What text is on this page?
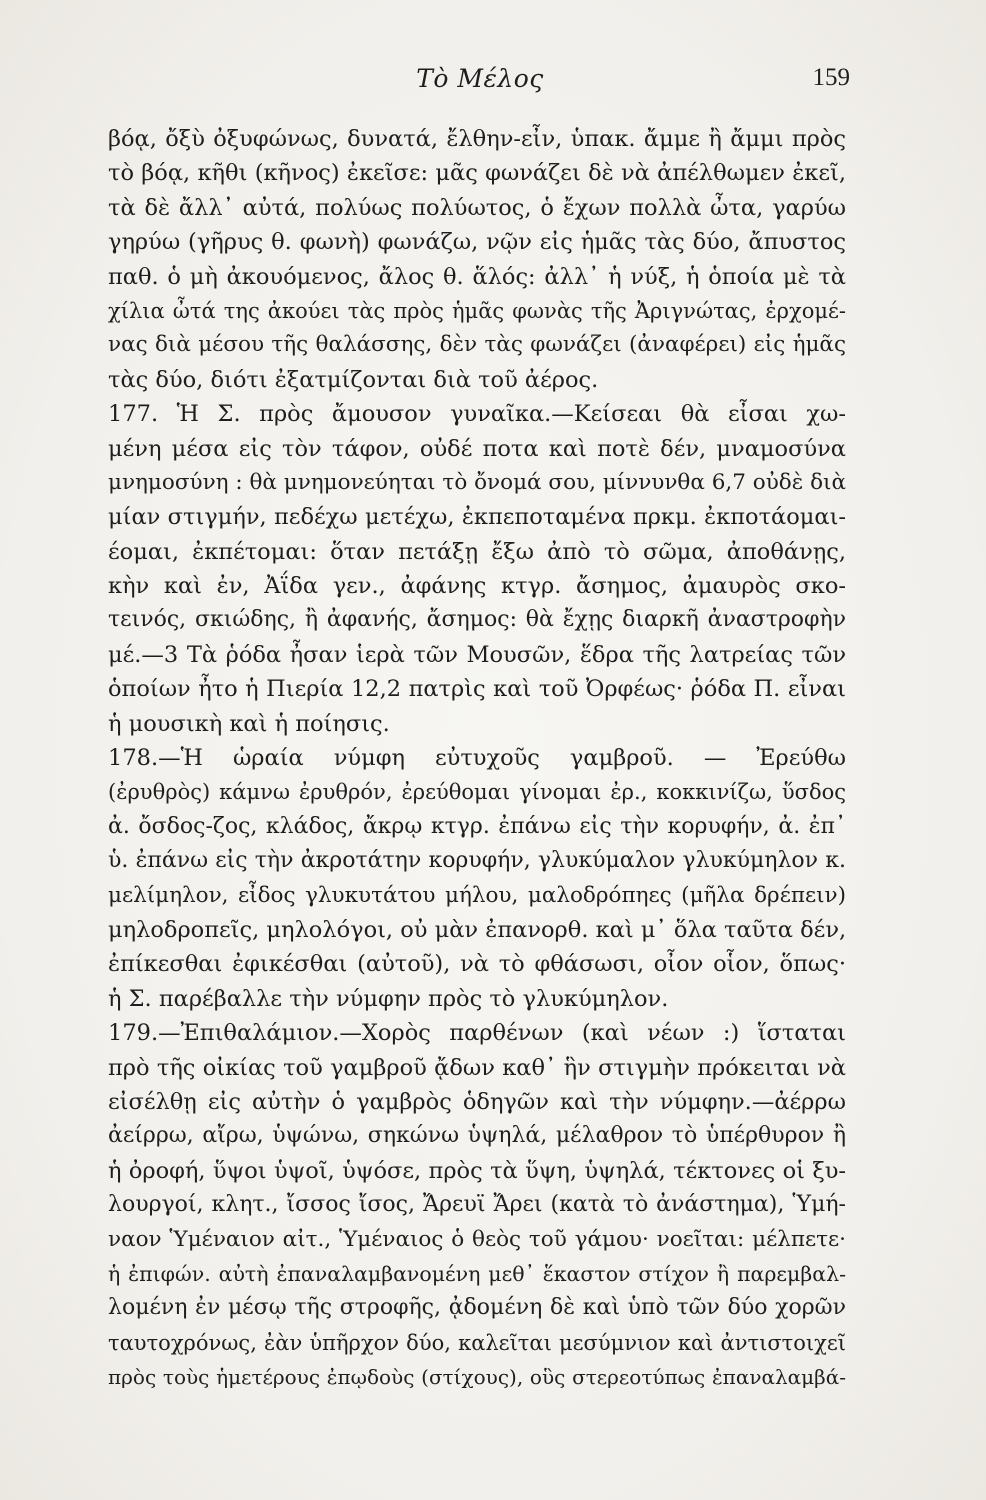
Τὸ Μέλος	159
βόᾳ, ὄξὺ ὀξυφώνως, δυνατά, ἔλθην-εἶν, ὑπακ. ἄμμε ἢ ἄμμι πρὸς
τὸ βόᾳ, κῆθι (κῆνος) ἐκεῖσε: μᾶς φωνάζει δὲ νὰ ἀπέλθωμεν ἐκεῖ,
τὰ δὲ ἄλλ᾽ αὐτά, πολύως πολύωτος, ὁ ἔχων πολλὰ ὦτα, γαρύω
γηρύω (γῆρυς θ. φωνὴ) φωνάζω, νῷν εἰς ἡμᾶς τὰς δύο, ἄπυστος
παθ. ὁ μὴ ἀκουόμενος, ἄλος θ. ἅλός: ἀλλ᾽ ἡ νύξ, ἡ ὁποία μὲ τὰ
χίλια ὦτά της ἀκούει τὰς πρὸς ἡμᾶς φωνὰς τῆς Ἀριγνώτας, ἐρχομέ-
νας διὰ μέσου τῆς θαλάσσης, δὲν τὰς φωνάζει (ἀναφέρει) εἰς ἡμᾶς
τὰς δύο, διότι ἐξατμίζονται διὰ τοῦ ἀέρος.
177. Ἡ Σ. πρὸς ἄμουσον γυναῖκα.—Κείσεαι θὰ εἶσαι χω-
μένη μέσα εἰς τὸν τάφον, οὐδέ ποτα καὶ ποτὲ δέν, μναμοσύνα
μνημοσύνη : θὰ μνημονεύηται τὸ ὄνομά σου, μίννυνθα 6,7 οὐδὲ διὰ
μίαν στιγμήν, πεδέχω μετέχω, ἐκπεποταμένα πρκμ. ἐκποτάομαι-
έομαι, ἐκπέτομαι: ὅταν πετάξῃ ἔξω ἀπὸ τὸ σῶμα, ἀποθάνῃς,
κὴν καὶ ἐν, Ἀΐδα γεν., ἀφάνης κτγρ. ἄσημος, ἀμαυρὸς σκο-
τεινός, σκιώδης, ἢ ἀφανής, ἄσημος: θὰ ἔχῃς διαρκῆ ἀναστροφὴν
μέ.—3 Τὰ ῥόδα ἦσαν ἱερὰ τῶν Μουσῶν, ἕδρα τῆς λατρείας τῶν
ὁποίων ἦτο ἡ Πιερία 12,2 πατρὶς καὶ τοῦ Ὀρφέως· ῥόδα Π. εἶναι
ἡ μουσικὴ καὶ ἡ ποίησις.
178.—Ἡ ὡραία νύμφη εὐτυχοῦς γαμβροῦ. — Ἐρεύθω
(ἐρυθρὸς) κάμνω ἐρυθρόν, ἐρεύθομαι γίνομαι ἐρ., κοκκινίζω, ὕσδος
ἀ. ὄσδος-ζος, κλάδος, ἄκρῳ κτγρ. ἐπάνω εἰς τὴν κορυφήν, ἀ. ἐπ᾽
ὑ. ἐπάνω εἰς τὴν ἀκροτάτην κορυφήν, γλυκύμαλον γλυκύμηλον κ.
μελίμηλον, εἶδος γλυκυτάτου μήλου, μαλοδρόπηες (μῆλα δρέπειν)
μηλοδροπεῖς, μηλολόγοι, οὐ μὰν ἐπανορθ. καὶ μ᾽ ὅλα ταῦτα δέν,
ἐπίκεσθαι ἐφικέσθαι (αὐτοῦ), νὰ τὸ φθάσωσι, οἶον οἷον, ὅπως·
ἡ Σ. παρέβαλλε τὴν νύμφην πρὸς τὸ γλυκύμηλον.
179.—Ἐπιθαλάμιον.—Χορὸς παρθένων (καὶ νέων :) ἵσταται
πρὸ τῆς οἰκίας τοῦ γαμβροῦ ᾄδων καθ᾽ ἣν στιγμὴν πρόκειται νὰ
εἰσέλθῃ εἰς αὐτὴν ὁ γαμβρὸς ὁδηγῶν καὶ τὴν νύμφην.—ἀέρρω
ἀείρρω, αἴρω, ὑψώνω, σηκώνω ὑψηλά, μέλαθρον τὸ ὑπέρθυρον ἢ
ἡ ὀροφή, ὕψοι ὑψοῖ, ὑψόσε, πρὸς τὰ ὕψη, ὑψηλά, τέκτονες οἱ ξυ-
λουργοί, κλητ., ἴσσος ἴσος, Ἄρευϊ Ἄρει (κατὰ τὸ ἀνάστημα), Ὑμή-
ναον Ὑμέναιον αἰτ., Ὑμέναιος ὁ θεὸς τοῦ γάμου· νοεῖται: μέλπετε·
ἡ ἐπιφών. αὐτὴ ἐπαναλαμβανομένη μεθ᾽ ἕκαστον στίχον ἢ παρεμβαλ-
λομένη ἐν μέσῳ τῆς στροφῆς, ᾀδομένη δὲ καὶ ὑπὸ τῶν δύο χορῶν
ταυτοχρόνως, ἐὰν ὑπῆρχον δύο, καλεῖται μεσύμνιον καὶ ἀντιστοιχεῖ
πρὸς τοὺς ἡμετέρους ἐπῳδοὺς (στίχους), οὓς στερεοτύπως ἐπαναλαμβά-
